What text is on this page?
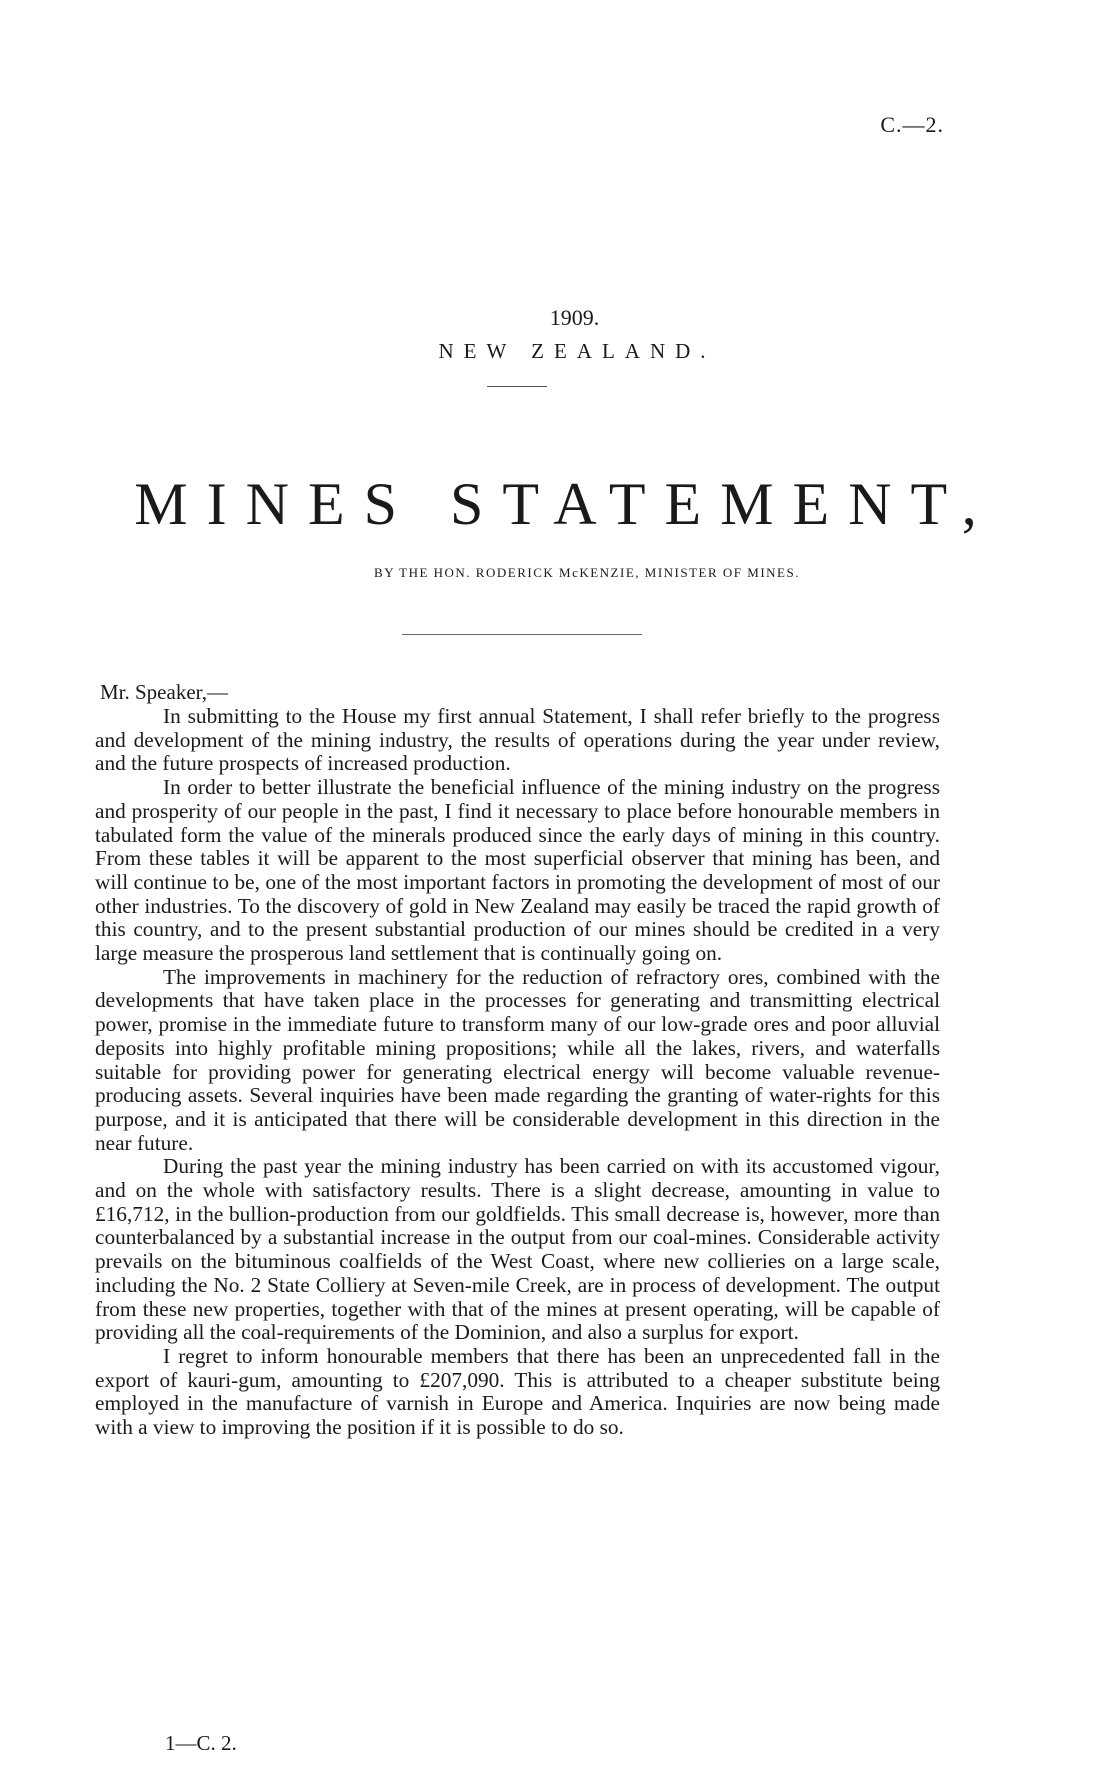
C.—2.
1909.
NEW ZEALAND.
MINES STATEMENT,
BY THE HON. RODERICK McKENZIE, MINISTER OF MINES.
Mr. Speaker,—

In submitting to the House my first annual Statement, I shall refer briefly to the progress and development of the mining industry, the results of operations during the year under review, and the future prospects of increased production.

In order to better illustrate the beneficial influence of the mining industry on the progress and prosperity of our people in the past, I find it necessary to place before honourable members in tabulated form the value of the minerals produced since the early days of mining in this country. From these tables it will be apparent to the most superficial observer that mining has been, and will continue to be, one of the most important factors in promoting the development of most of our other industries. To the discovery of gold in New Zealand may easily be traced the rapid growth of this country, and to the present substantial production of our mines should be credited in a very large measure the prosperous land settlement that is continually going on.

The improvements in machinery for the reduction of refractory ores, combined with the developments that have taken place in the processes for generating and transmitting electrical power, promise in the immediate future to transform many of our low-grade ores and poor alluvial deposits into highly profitable mining propositions; while all the lakes, rivers, and waterfalls suitable for providing power for generating electrical energy will become valuable revenue-producing assets. Several inquiries have been made regarding the granting of water-rights for this purpose, and it is anticipated that there will be considerable development in this direction in the near future.

During the past year the mining industry has been carried on with its accustomed vigour, and on the whole with satisfactory results. There is a slight decrease, amounting in value to £16,712, in the bullion-production from our goldfields. This small decrease is, however, more than counterbalanced by a substantial increase in the output from our coal-mines. Considerable activity prevails on the bituminous coalfields of the West Coast, where new collieries on a large scale, including the No. 2 State Colliery at Seven-mile Creek, are in process of development. The output from these new properties, together with that of the mines at present operating, will be capable of providing all the coal-requirements of the Dominion, and also a surplus for export.

I regret to inform honourable members that there has been an unprecedented fall in the export of kauri-gum, amounting to £207,090. This is attributed to a cheaper substitute being employed in the manufacture of varnish in Europe and America. Inquiries are now being made with a view to improving the position if it is possible to do so.

1—C. 2.
